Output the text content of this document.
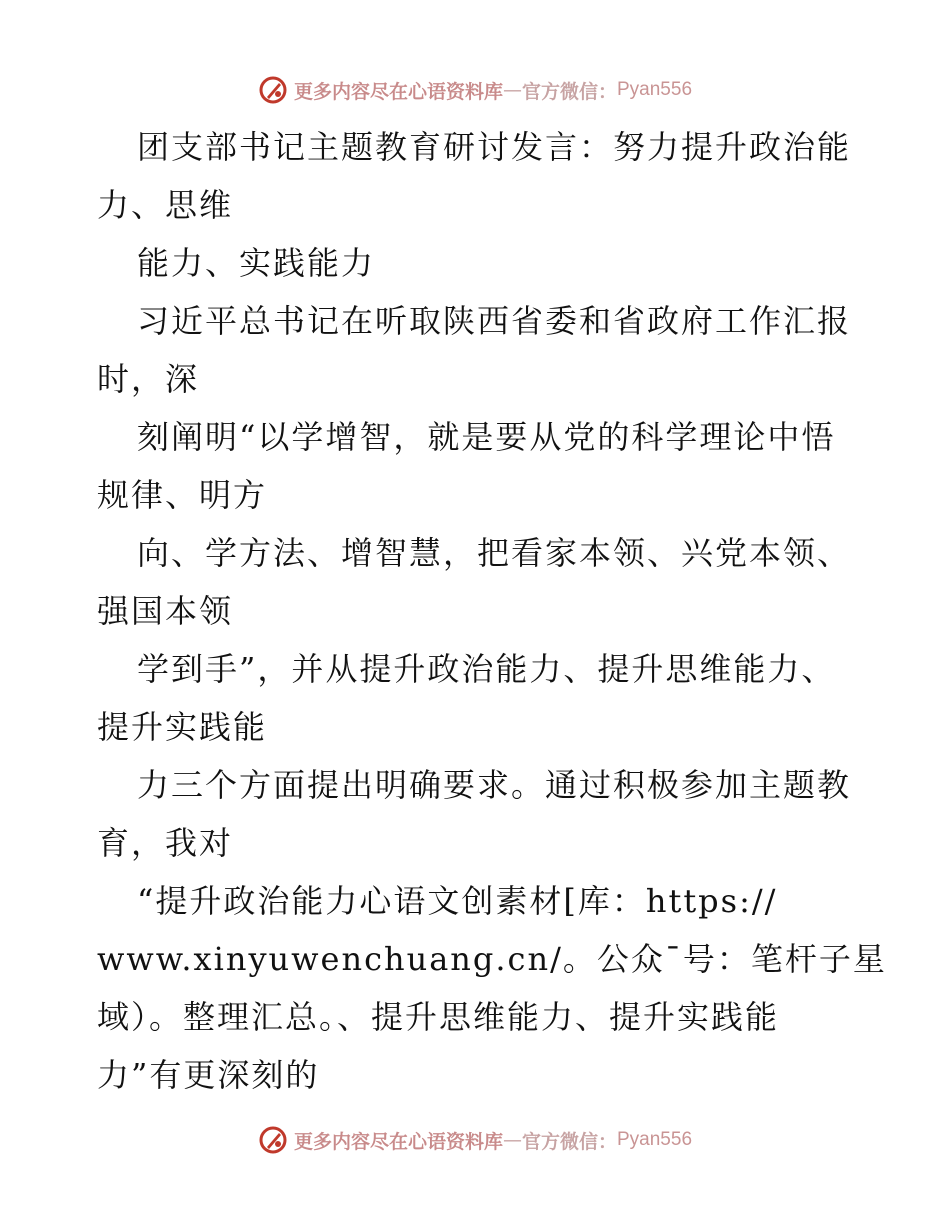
更多内容尽在心语资料库 — 官方微信： Pyan556
团支部书记主题教育研讨发言：努力提升政治能
力、思维
能力、实践能力
习近平总书记在听取陕西省委和省政府工作汇报
时，深
刻阐明“以学增智，就是要从党的科学理论中悟
规律、明方
向、学方法、增智慧，把看家本领、兴党本领、
强国本领
学到手”，并从提升政治能力、提升思维能力、
提升实践能
力三个方面提出明确要求。通过积极参加主题教
育，我对
“提升政治能力心语文创素材[库：https://
www.xinyuwenchuang.cn/。公众¯号：笔杆子星
域）。整理汇总。、提升思维能力、提升实践能
力”有更深刻的
更多内容尽在心语资料库 — 官方微信： Pyan556
